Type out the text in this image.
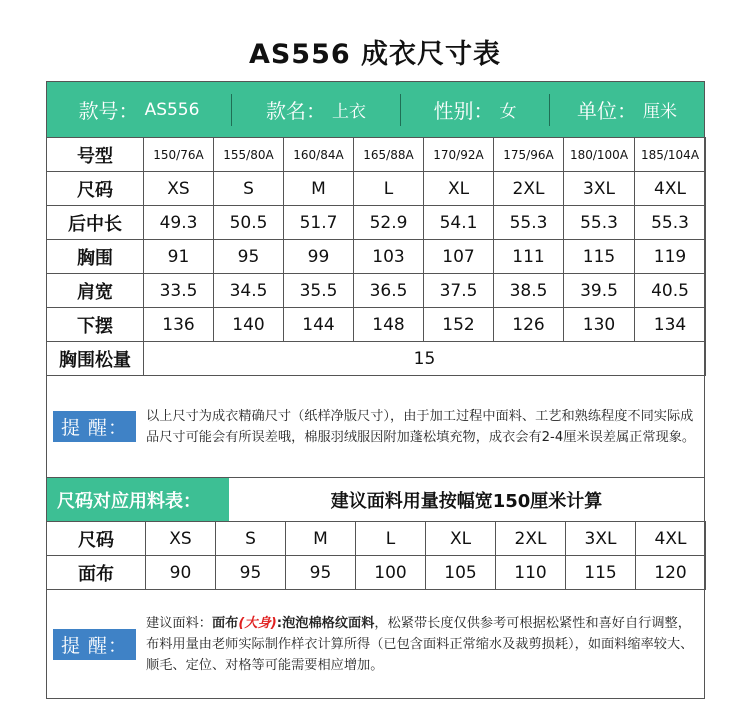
AS556 成衣尺寸表
款号： AS556	款名： 上衣	性别： 女	单位： 厘米
号型	150/76A	155/80A	160/84A	165/88A	170/92A	175/96A	180/100A	185/104A
尺码	XS	S	M	L	XL	2XL	3XL	4XL
后中长	49.3	50.5	51.7	52.9	54.1	55.3	55.3	55.3
胸围	91	95	99	103	107	111	115	119
肩宽	33.5	34.5	35.5	36.5	37.5	38.5	39.5	40.5
下摆	136	140	144	148	152	126	130	134
胸围松量	15							
提 醒：
以上尺寸为成衣精确尺寸（纸样净版尺寸），由于加工过程中面料、工艺和熟练程度不同实际成品尺寸可能会有所误差哦，棉服羽绒服因附加蓬松填充物，成衣会有2-4厘米误差属正常现象。
尺码对应用料表：	建议面料用量按幅宽150厘米计算
尺码	XS	S	M	L	XL	2XL	3XL	4XL
面布	90	95	95	100	105	110	115	120
提 醒：
建议面料：面布(大身):泡泡棉格纹面料，松紧带长度仅供参考可根据松紧性和喜好自行调整，布料用量由老师实际制作样衣计算所得（已包含面料正常缩水及裁剪损耗），如面料缩率较大、顺毛、定位、对格等可能需要相应增加。
